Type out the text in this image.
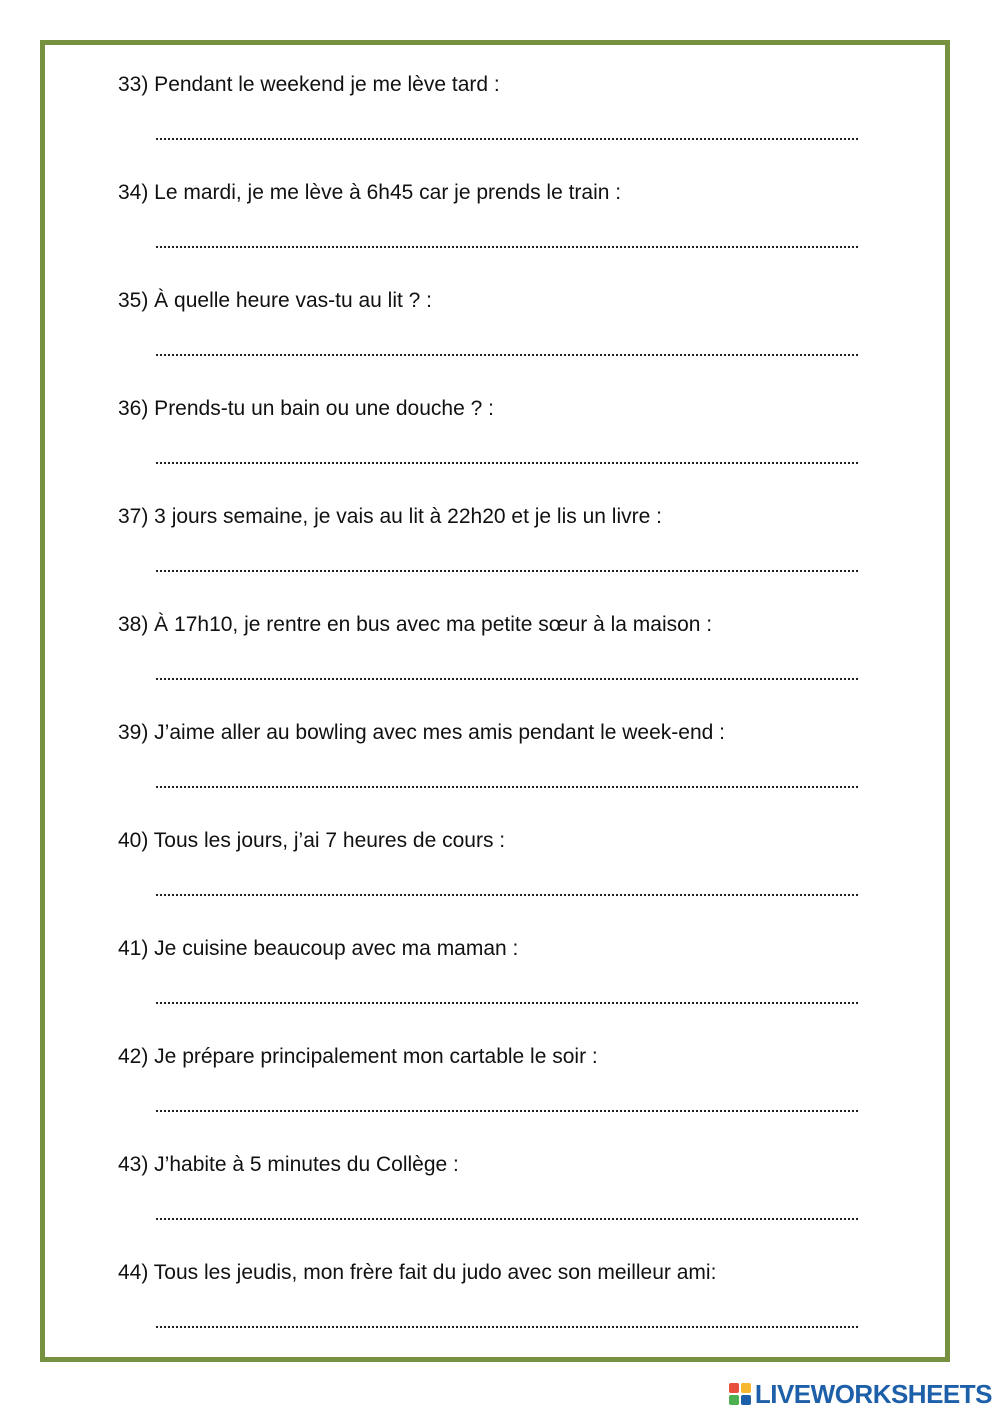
33) Pendant le weekend je me lève tard :
34) Le mardi, je me lève à 6h45 car je prends le train :
35) À quelle heure vas-tu au lit ? :
36) Prends-tu un bain ou une douche ? :
37) 3 jours semaine, je vais au lit à 22h20 et je lis un livre :
38) À 17h10, je rentre en bus avec ma petite sœur à la maison :
39) J’aime aller au bowling avec mes amis pendant le week-end :
40) Tous les jours, j’ai 7 heures de cours :
41) Je cuisine beaucoup avec ma maman :
42) Je prépare principalement mon cartable le soir :
43) J’habite à 5 minutes du Collège :
44) Tous les jeudis, mon frère fait du judo avec son meilleur ami:
LIVEWORKSHEETS
